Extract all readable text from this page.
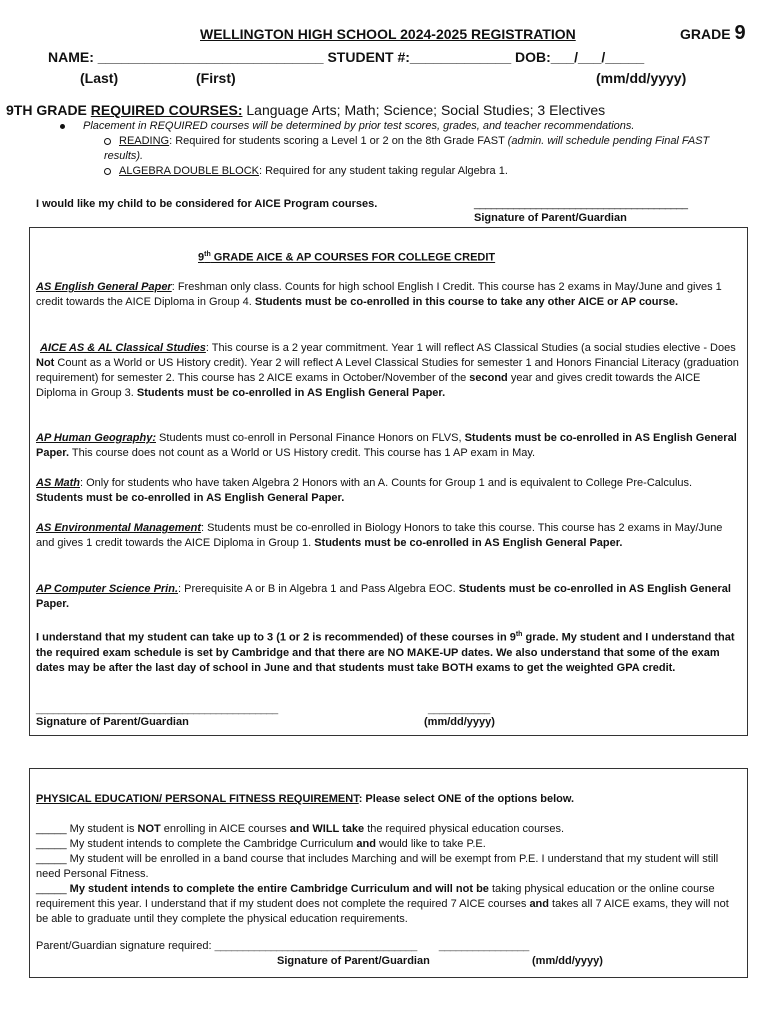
WELLINGTON HIGH SCHOOL 2024-2025 REGISTRATION	GRADE 9
NAME: _____________________________ STUDENT #:_____________ DOB:___/___/_____
(Last)	(First)	(mm/dd/yyyy)
9TH GRADE REQUIRED COURSES: Language Arts; Math; Science; Social Studies; 3 Electives
Placement in REQUIRED courses will be determined by prior test scores, grades, and teacher recommendations.
READING: Required for students scoring a Level 1 or 2 on the 8th Grade FAST (admin. will schedule pending Final FAST results).
ALGEBRA DOUBLE BLOCK: Required for any student taking regular Algebra 1.
I would like my child to be considered for AICE Program courses.	______________________________________
Signature of Parent/Guardian
9th GRADE AICE & AP COURSES FOR COLLEGE CREDIT
AS English General Paper: Freshman only class. Counts for high school English I Credit. This course has 2 exams in May/June and gives 1 credit towards the AICE Diploma in Group 4. Students must be co-enrolled in this course to take any other AICE or AP course.
AICE AS & AL Classical Studies: This course is a 2 year commitment. Year 1 will reflect AS Classical Studies (a social studies elective - Does Not Count as a World or US History credit). Year 2 will reflect A Level Classical Studies for semester 1 and Honors Financial Literacy (graduation requirement) for semester 2. This course has 2 AICE exams in October/November of the second year and gives credit towards the AICE Diploma in Group 3. Students must be co-enrolled in AS English General Paper.
AP Human Geography: Students must co-enroll in Personal Finance Honors on FLVS, Students must be co-enrolled in AS English General Paper. This course does not count as a World or US History credit. This course has 1 AP exam in May.
AS Math: Only for students who have taken Algebra 2 Honors with an A. Counts for Group 1 and is equivalent to College Pre-Calculus. Students must be co-enrolled in AS English General Paper.
AS Environmental Management: Students must be co-enrolled in Biology Honors to take this course. This course has 2 exams in May/June and gives 1 credit towards the AICE Diploma in Group 1. Students must be co-enrolled in AS English General Paper.
AP Computer Science Prin.: Prerequisite A or B in Algebra 1 and Pass Algebra EOC. Students must be co-enrolled in AS English General Paper.
I understand that my student can take up to 3 (1 or 2 is recommended) of these courses in 9th grade. My student and I understand that the required exam schedule is set by Cambridge and that there are NO MAKE-UP dates. We also understand that some of the exam dates may be after the last day of school in June and that students must take BOTH exams to get the weighted GPA credit.
___________________________________________	___________
Signature of Parent/Guardian	(mm/dd/yyyy)
PHYSICAL EDUCATION/ PERSONAL FITNESS REQUIREMENT: Please select ONE of the options below.
_____ My student is NOT enrolling in AICE courses and WILL take the required physical education courses.
_____ My student intends to complete the Cambridge Curriculum and would like to take P.E.
_____ My student will be enrolled in a band course that includes Marching and will be exempt from P.E. I understand that my student will still need Personal Fitness.
_____ My student intends to complete the entire Cambridge Curriculum and will not be taking physical education or the online course requirement this year. I understand that if my student does not complete the required 7 AICE courses and takes all 7 AICE exams, they will not be able to graduate until they complete the physical education requirements.
Parent/Guardian signature required: ____________________________________ ________________
Signature of Parent/Guardian	(mm/dd/yyyy)
